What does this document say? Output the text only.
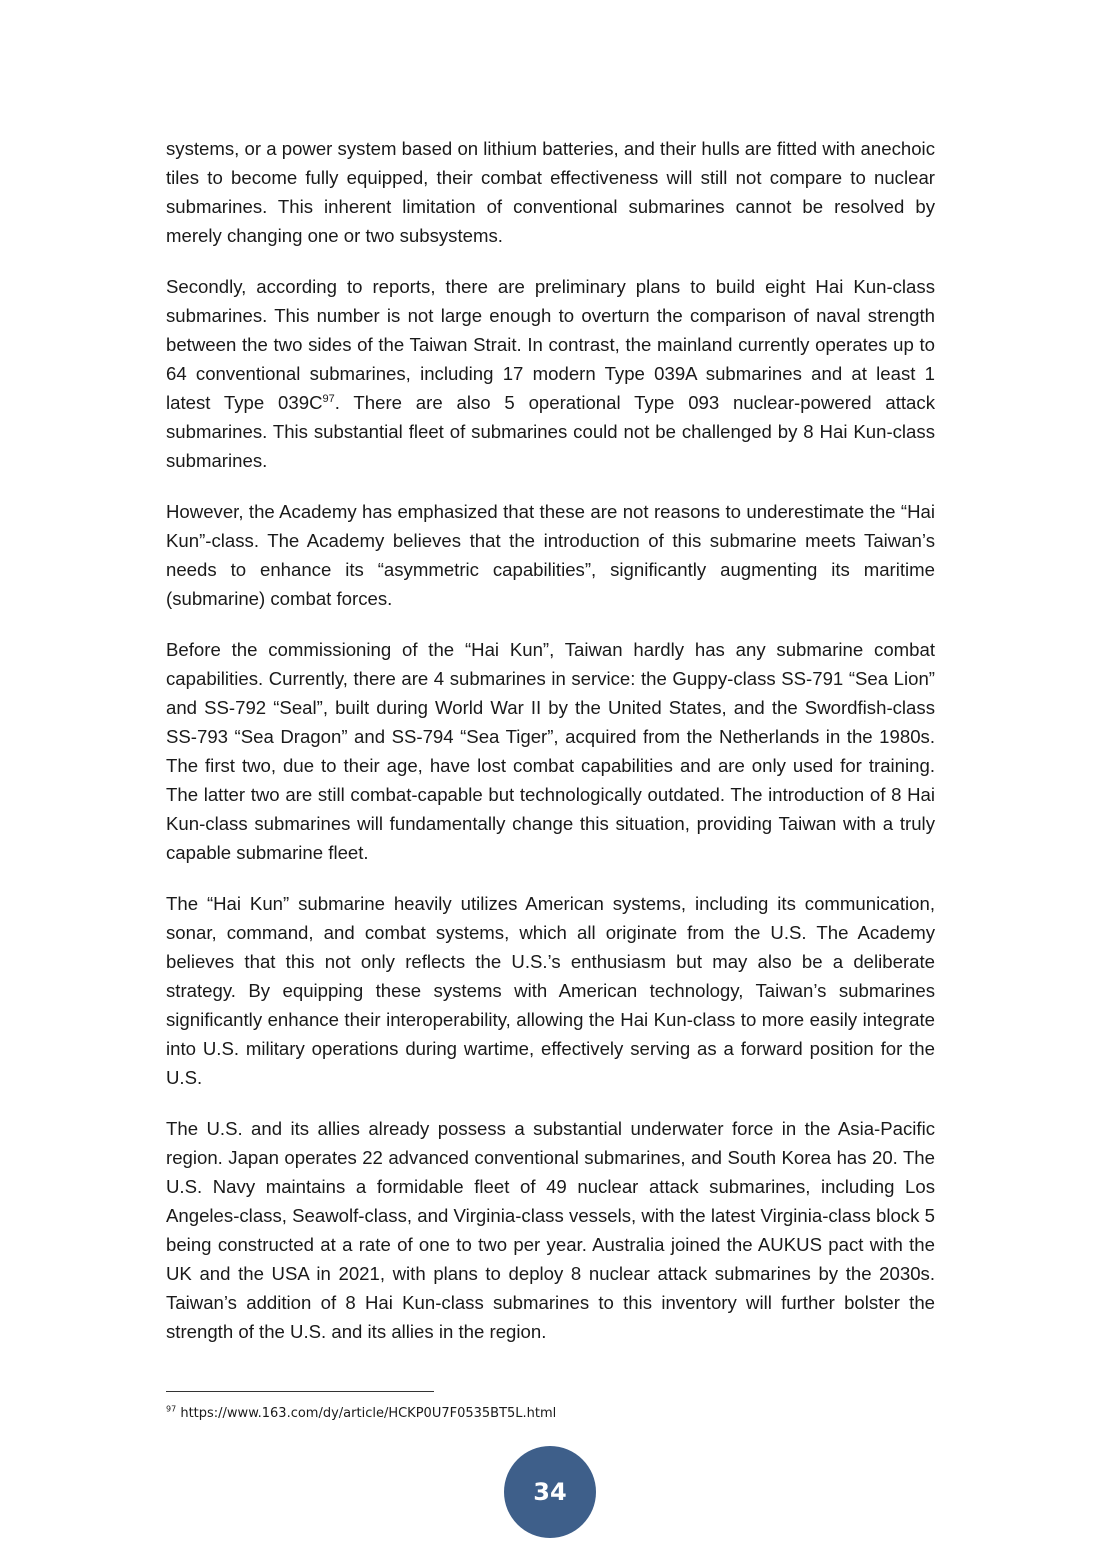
systems, or a power system based on lithium batteries, and their hulls are fitted with anechoic tiles to become fully equipped, their combat effectiveness will still not compare to nuclear submarines. This inherent limitation of conventional submarines cannot be resolved by merely changing one or two subsystems.

Secondly, according to reports, there are preliminary plans to build eight Hai Kun-class submarines. This number is not large enough to overturn the comparison of naval strength between the two sides of the Taiwan Strait. In contrast, the mainland currently operates up to 64 conventional submarines, including 17 modern Type 039A submarines and at least 1 latest Type $039C^{97}$. There are also 5 operational Type 093 nuclear-powered attack submarines. This substantial fleet of submarines could not be challenged by 8 Hai Kun-class submarines.

However, the Academy has emphasized that these are not reasons to underestimate the “Hai Kun”-class. The Academy believes that the introduction of this submarine meets Taiwan’s needs to enhance its “asymmetric capabilities”, significantly augmenting its maritime (submarine) combat forces.

Before the commissioning of the “Hai Kun”, Taiwan hardly has any submarine combat capabilities. Currently, there are 4 submarines in service: the Guppy-class SS-791 “Sea Lion” and SS-792 “Seal”, built during World War II by the United States, and the Swordfish-class SS-793 “Sea Dragon” and SS-794 “Sea Tiger”, acquired from the Netherlands in the 1980s. The first two, due to their age, have lost combat capabilities and are only used for training. The latter two are still combat-capable but technologically outdated. The introduction of 8 Hai Kun-class submarines will fundamentally change this situation, providing Taiwan with a truly capable submarine fleet.

The “Hai Kun” submarine heavily utilizes American systems, including its communication, sonar, command, and combat systems, which all originate from the U.S. The Academy believes that this not only reflects the U.S.’s enthusiasm but may also be a deliberate strategy. By equipping these systems with American technology, Taiwan’s submarines significantly enhance their interoperability, allowing the Hai Kun-class to more easily integrate into U.S. military operations during wartime, effectively serving as a forward position for the U.S.

The U.S. and its allies already possess a substantial underwater force in the Asia-Pacific region. Japan operates 22 advanced conventional submarines, and South Korea has 20. The U.S. Navy maintains a formidable fleet of 49 nuclear attack submarines, including Los Angeles-class, Seawolf-class, and Virginia-class vessels, with the latest Virginia-class block 5 being constructed at a rate of one to two per year. Australia joined the AUKUS pact with the UK and the USA in 2021, with plans to deploy 8 nuclear attack submarines by the 2030s. Taiwan’s addition of 8 Hai Kun-class submarines to this inventory will further bolster the strength of the U.S. and its allies in the region.

$^{97}$ https://www.163.com/dy/article/HCKP0U7F0535BT5L.html
34
